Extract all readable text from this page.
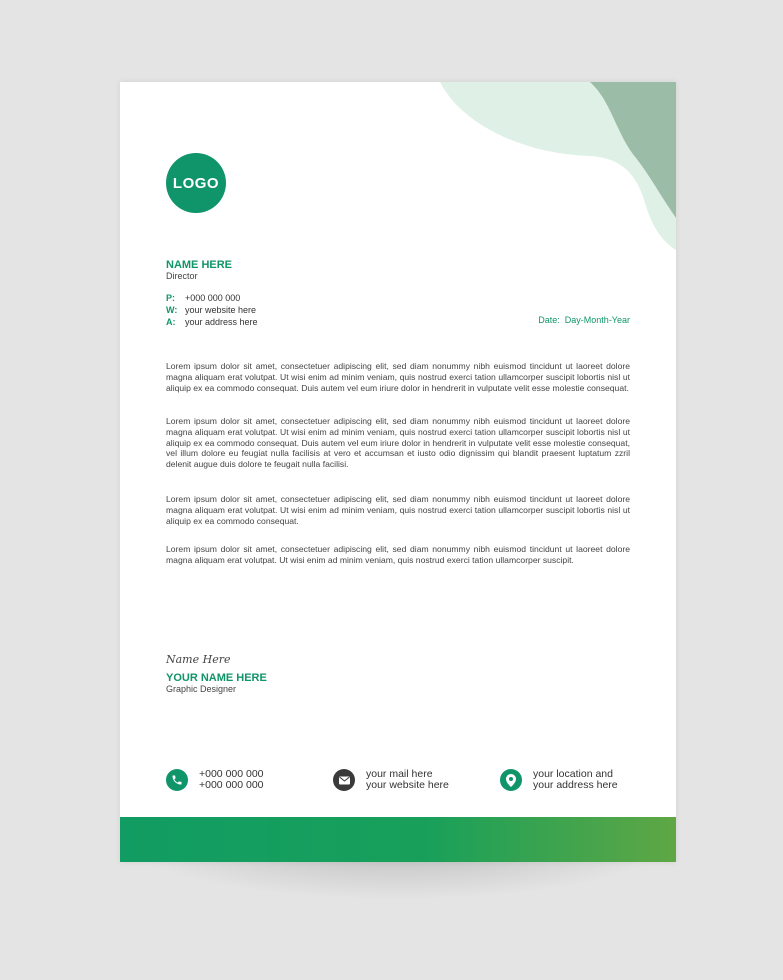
LOGO
NAME HERE
Director
P:	+000 000 000
W: your website here
A:	your address here	Date: Day-Month-Year

Lorem ipsum dolor sit amet, consectetuer adipiscing elit, sed diam nonummy nibh euismod tincidunt ut laoreet dolore magna aliquam erat volutpat. Ut wisi enim ad minim veniam, quis nostrud exerci tation ullamcorper suscipit lobortis nisl ut aliquip ex ea commodo consequat. Duis autem vel eum iriure dolor in hendrerit in vulputate velit esse molestie consequat.

Lorem ipsum dolor sit amet, consectetuer adipiscing elit, sed diam nonummy nibh euismod tincidunt ut laoreet dolore magna aliquam erat volutpat. Ut wisi enim ad minim veniam, quis nostrud exerci tation ullamcorper suscipit lobortis nisl ut aliquip ex ea commodo consequat. Duis autem vel eum iriure dolor in hendrerit in vulputate velit esse molestie consequat, vel illum dolore eu feugiat nulla facilisis at vero et accumsan et iusto odio dignissim qui blandit praesent luptatum zzril delenit augue duis dolore te feugait nulla facilisi.

Lorem ipsum dolor sit amet, consectetuer adipiscing elit, sed diam nonummy nibh euismod tincidunt ut laoreet dolore magna aliquam erat volutpat. Ut wisi enim ad minim veniam, quis nostrud exerci tation ullamcorper suscipit lobortis nisl ut aliquip ex ea commodo consequat.

Lorem ipsum dolor sit amet, consectetuer adipiscing elit, sed diam nonummy nibh euismod tincidunt ut laoreet dolore magna aliquam erat volutpat. Ut wisi enim ad minim veniam, quis nostrud exerci tation ullamcorper suscipit.

Name Here
YOUR NAME HERE
Graphic Designer
+000 000 000
+000 000 000
your mail here
your website here
your location and
your address here
